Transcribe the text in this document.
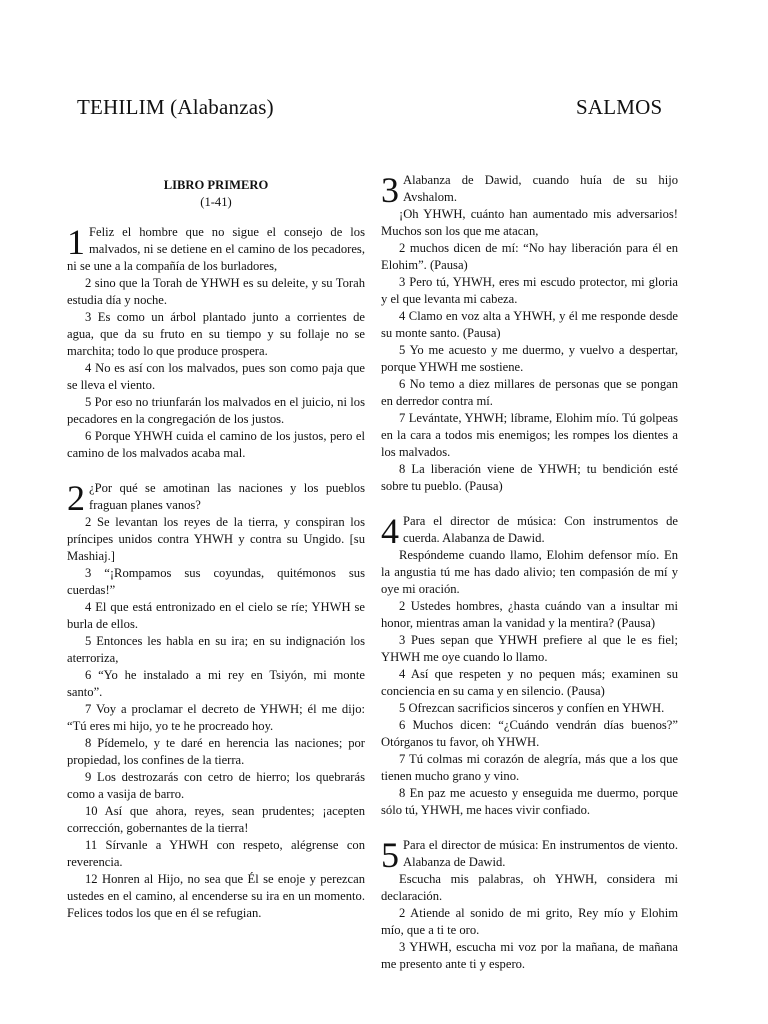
TEHILIM (Alabanzas)	SALMOS
LIBRO PRIMERO
(1-41)
1 Feliz el hombre que no sigue el consejo de los malvados, ni se detiene en el camino de los pecadores, ni se une a la compañía de los burladores,

2 sino que la Torah de YHWH es su deleite, y su Torah estudia día y noche.

3 Es como un árbol plantado junto a corrientes de agua, que da su fruto en su tiempo y su follaje no se marchita; todo lo que produce prospera.

4 No es así con los malvados, pues son como paja que se lleva el viento.

5 Por eso no triunfarán los malvados en el juicio, ni los pecadores en la congregación de los justos.

6 Porque YHWH cuida el camino de los justos, pero el camino de los malvados acaba mal.

2 ¿Por qué se amotinan las naciones y los pueblos fraguan planes vanos?

2 Se levantan los reyes de la tierra, y conspiran los príncipes unidos contra YHWH y contra su Ungido. [su Mashiaj.]

3 “¡Rompamos sus coyundas, quitémonos sus cuerdas!”

4 El que está entronizado en el cielo se ríe; YHWH se burla de ellos.

5 Entonces les habla en su ira; en su indignación los aterroriza,

6 “Yo he instalado a mi rey en Tsiyón, mi monte santo”.

7 Voy a proclamar el decreto de YHWH; él me dijo: “Tú eres mi hijo, yo te he procreado hoy.

8 Pídemelo, y te daré en herencia las naciones; por propiedad, los confines de la tierra.

9 Los destrozarás con cetro de hierro; los quebrarás como a vasija de barro.

10 Así que ahora, reyes, sean prudentes; ¡acepten corrección, gobernantes de la tierra!

11 Sírvanle a YHWH con respeto, alégrense con reverencia.

12 Honren al Hijo, no sea que Él se enoje y perezcan ustedes en el camino, al encenderse su ira en un momento. Felices todos los que en él se refugian.

3 Alabanza de Dawid, cuando huía de su hijo Avshalom.

¡Oh YHWH, cuánto han aumentado mis adversarios! Muchos son los que me atacan,

2 muchos dicen de mí: “No hay liberación para él en Elohim”. (Pausa)

3 Pero tú, YHWH, eres mi escudo protector, mi gloria y el que levanta mi cabeza.

4 Clamo en voz alta a YHWH, y él me responde desde su monte santo. (Pausa)

5 Yo me acuesto y me duermo, y vuelvo a despertar, porque YHWH me sostiene.

6 No temo a diez millares de personas que se pongan en derredor contra mí.

7 Levántate, YHWH; líbrame, Elohim mío. Tú golpeas en la cara a todos mis enemigos; les rompes los dientes a los malvados.

8 La liberación viene de YHWH; tu bendición esté sobre tu pueblo. (Pausa)

4 Para el director de música: Con instrumentos de cuerda. Alabanza de Dawid.

Respóndeme cuando llamo, Elohim defensor mío. En la angustia tú me has dado alivio; ten compasión de mí y oye mi oración.

2 Ustedes hombres, ¿hasta cuándo van a insultar mi honor, mientras aman la vanidad y la mentira? (Pausa)

3 Pues sepan que YHWH prefiere al que le es fiel; YHWH me oye cuando lo llamo.

4 Así que respeten y no pequen más; examinen su conciencia en su cama y en silencio. (Pausa)

5 Ofrezcan sacrificios sinceros y confíen en YHWH.

6 Muchos dicen: “¿Cuándo vendrán días buenos?” Otórganos tu favor, oh YHWH.

7 Tú colmas mi corazón de alegría, más que a los que tienen mucho grano y vino.

8 En paz me acuesto y enseguida me duermo, porque sólo tú, YHWH, me haces vivir confiado.

5 Para el director de música: En instrumentos de viento. Alabanza de Dawid.

Escucha mis palabras, oh YHWH, considera mi declaración.

2 Atiende al sonido de mi grito, Rey mío y Elohim mío, que a ti te oro.

3 YHWH, escucha mi voz por la mañana, de mañana me presento ante ti y espero.
